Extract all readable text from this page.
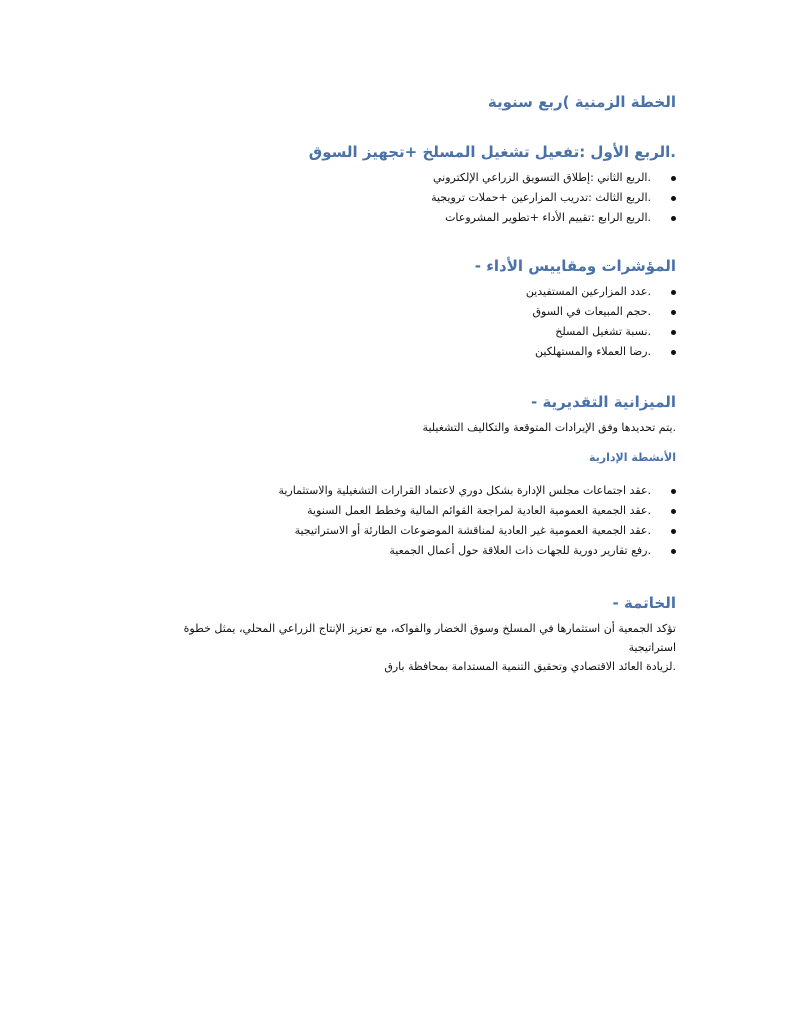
الخطة الزمنية )ربع سنوية
.الربع الأول :تفعيل تشغيل المسلخ +تجهيز السوق
.الربع الثاني :إطلاق التسويق الزراعي الإلكتروني
.الربع الثالث :تدريب المزارعين +حملات ترويجية
.الربع الرابع :تقييم الأداء +تطوير المشروعات
المؤشرات ومقاييس الأداء -
.عدد المزارعين المستفيدين
.حجم المبيعات في السوق
.نسبة تشغيل المسلخ
.رضا العملاء والمستهلكين
الميزانية التقديرية -

.يتم تحديدها وفق الإيرادات المتوقعة والتكاليف التشغيلية

الأنشطة الإدارية
.عقد اجتماعات مجلس الإدارة بشكل دوري لاعتماد القرارات التشغيلية والاستثمارية
.عقد الجمعية العمومية العادية لمراجعة القوائم المالية وخطط العمل السنوية
.عقد الجمعية العمومية غير العادية لمناقشة الموضوعات الطارئة أو الاستراتيجية
.رفع تقارير دورية للجهات ذات العلاقة حول أعمال الجمعية
الخاتمة -

تؤكد الجمعية أن استثمارها في المسلخ وسوق الخضار والفواكه، مع تعزيز الإنتاج الزراعي المحلي، يمثل خطوة استراتيجية

.لزيادة العائد الاقتصادي وتحقيق التنمية المستدامة بمحافظة بارق
